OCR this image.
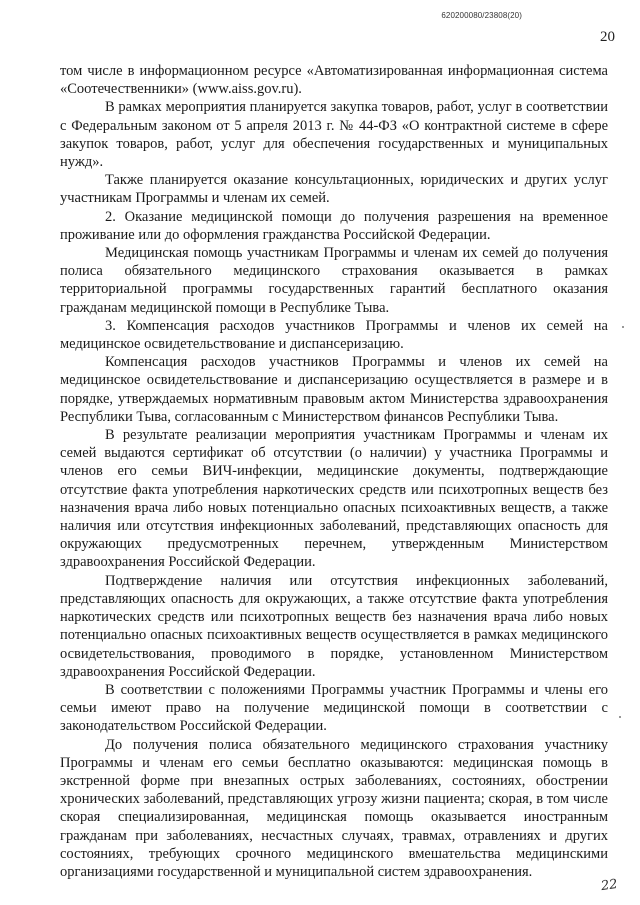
620200080/23808(20)
20

том числе в информационном ресурсе «Автоматизированная информационная система «Соотечественники» (www.aiss.gov.ru).

В рамках мероприятия планируется закупка товаров, работ, услуг в соответствии с Федеральным законом от 5 апреля 2013 г. № 44-ФЗ «О контрактной системе в сфере закупок товаров, работ, услуг для обеспечения государственных и муниципальных нужд».

Также планируется оказание консультационных, юридических и других услуг участникам Программы и членам их семей.

2. Оказание медицинской помощи до получения разрешения на временное проживание или до оформления гражданства Российской Федерации.

Медицинская помощь участникам Программы и членам их семей до получения полиса обязательного медицинского страхования оказывается в рамках территориальной программы государственных гарантий бесплатного оказания гражданам медицинской помощи в Республике Тыва.

3. Компенсация расходов участников Программы и членов их семей на медицинское освидетельствование и диспансеризацию.

Компенсация расходов участников Программы и членов их семей на медицинское освидетельствование и диспансеризацию осуществляется в размере и в порядке, утверждаемых нормативным правовым актом Министерства здравоохранения Республики Тыва, согласованным с Министерством финансов Республики Тыва.

В результате реализации мероприятия участникам Программы и членам их семей выдаются сертификат об отсутствии (о наличии) у участника Программы и членов его семьи ВИЧ-инфекции, медицинские документы, подтверждающие отсутствие факта употребления наркотических средств или психотропных веществ без назначения врача либо новых потенциально опасных психоактивных веществ, а также наличия или отсутствия инфекционных заболеваний, представляющих опасность для окружающих предусмотренных перечнем, утвержденным Министерством здравоохранения Российской Федерации.

Подтверждение наличия или отсутствия инфекционных заболеваний, представляющих опасность для окружающих, а также отсутствие факта употребления наркотических средств или психотропных веществ без назначения врача либо новых потенциально опасных психоактивных веществ осуществляется в рамках медицинского освидетельствования, проводимого в порядке, установленном Министерством здравоохранения Российской Федерации.

В соответствии с положениями Программы участник Программы и члены его семьи имеют право на получение медицинской помощи в соответствии с законодательством Российской Федерации.

До получения полиса обязательного медицинского страхования участнику Программы и членам его семьи бесплатно оказываются: медицинская помощь в экстренной форме при внезапных острых заболеваниях, состояниях, обострении хронических заболеваний, представляющих угрозу жизни пациента; скорая, в том числе скорая специализированная, медицинская помощь оказывается иностранным гражданам при заболеваниях, несчастных случаях, травмах, отравлениях и других состояниях, требующих срочного медицинского вмешательства медицинскими организациями государственной и муниципальной систем здравоохранения.

22
